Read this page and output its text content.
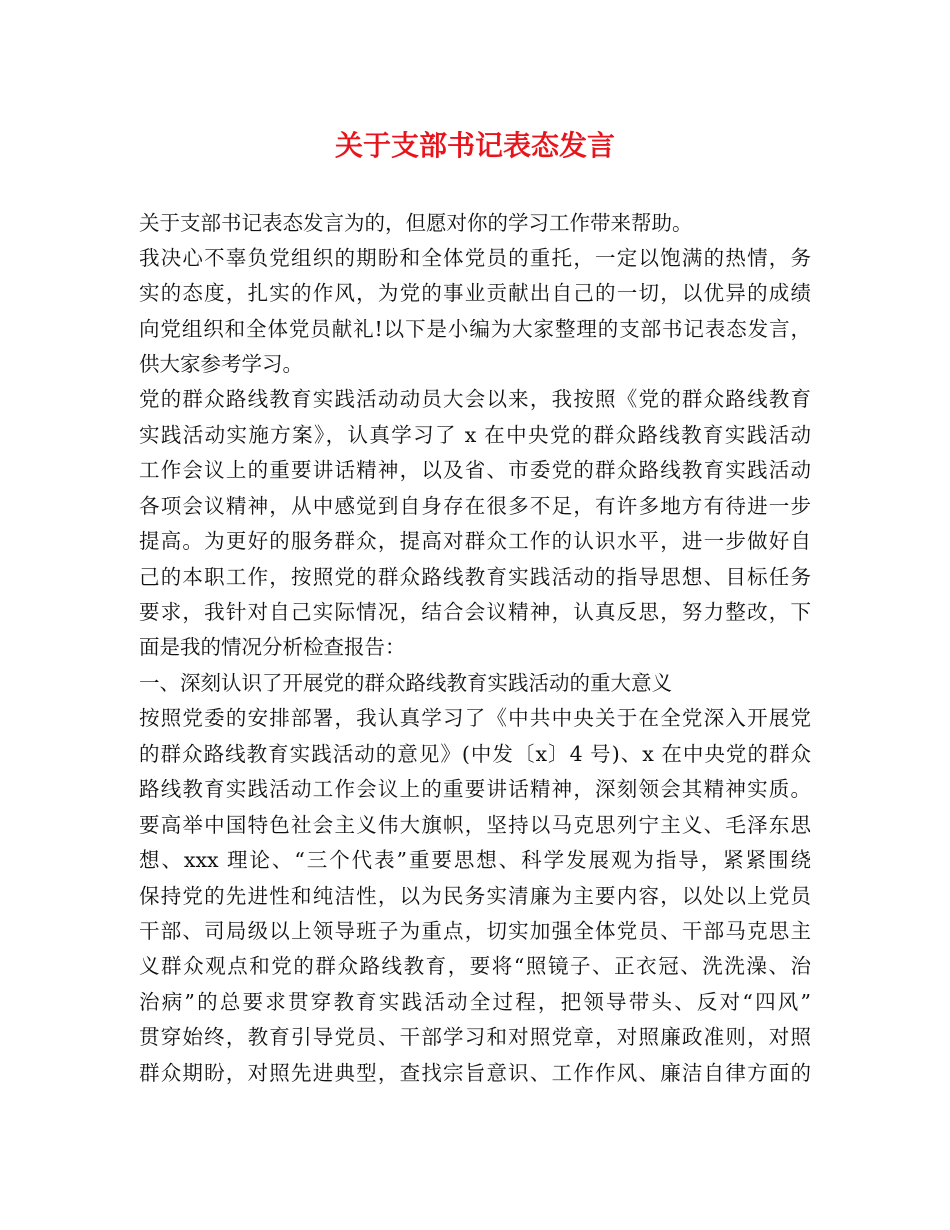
关于支部书记表态发言
关于支部书记表态发言为的，但愿对你的学习工作带来帮助。
我决心不辜负党组织的期盼和全体党员的重托，一定以饱满的热情，务
实的态度，扎实的作风，为党的事业贡献出自己的一切，以优异的成绩
向党组织和全体党员献礼!以下是小编为大家整理的支部书记表态发言，
供大家参考学习。
党的群众路线教育实践活动动员大会以来，我按照《党的群众路线教育
实践活动实施方案》，认真学习了 x 在中央党的群众路线教育实践活动
工作会议上的重要讲话精神，以及省、市委党的群众路线教育实践活动
各项会议精神，从中感觉到自身存在很多不足，有许多地方有待进一步
提高。为更好的服务群众，提高对群众工作的认识水平，进一步做好自
己的本职工作，按照党的群众路线教育实践活动的指导思想、目标任务
要求，我针对自己实际情况，结合会议精神，认真反思，努力整改，下
面是我的情况分析检查报告：
一、深刻认识了开展党的群众路线教育实践活动的重大意义
按照党委的安排部署，我认真学习了《中共中央关于在全党深入开展党
的群众路线教育实践活动的意见》(中发〔x〕4 号)、x 在中央党的群众
路线教育实践活动工作会议上的重要讲话精神，深刻领会其精神实质。
要高举中国特色社会主义伟大旗帜，坚持以马克思列宁主义、毛泽东思
想、xxx 理论、“三个代表”重要思想、科学发展观为指导，紧紧围绕
保持党的先进性和纯洁性，以为民务实清廉为主要内容，以处以上党员
干部、司局级以上领导班子为重点，切实加强全体党员、干部马克思主
义群众观点和党的群众路线教育，要将“照镜子、正衣冠、洗洗澡、治
治病”的总要求贯穿教育实践活动全过程，把领导带头、反对“四风”
贯穿始终，教育引导党员、干部学习和对照党章，对照廉政准则，对照
群众期盼，对照先进典型，查找宗旨意识、工作作风、廉洁自律方面的
